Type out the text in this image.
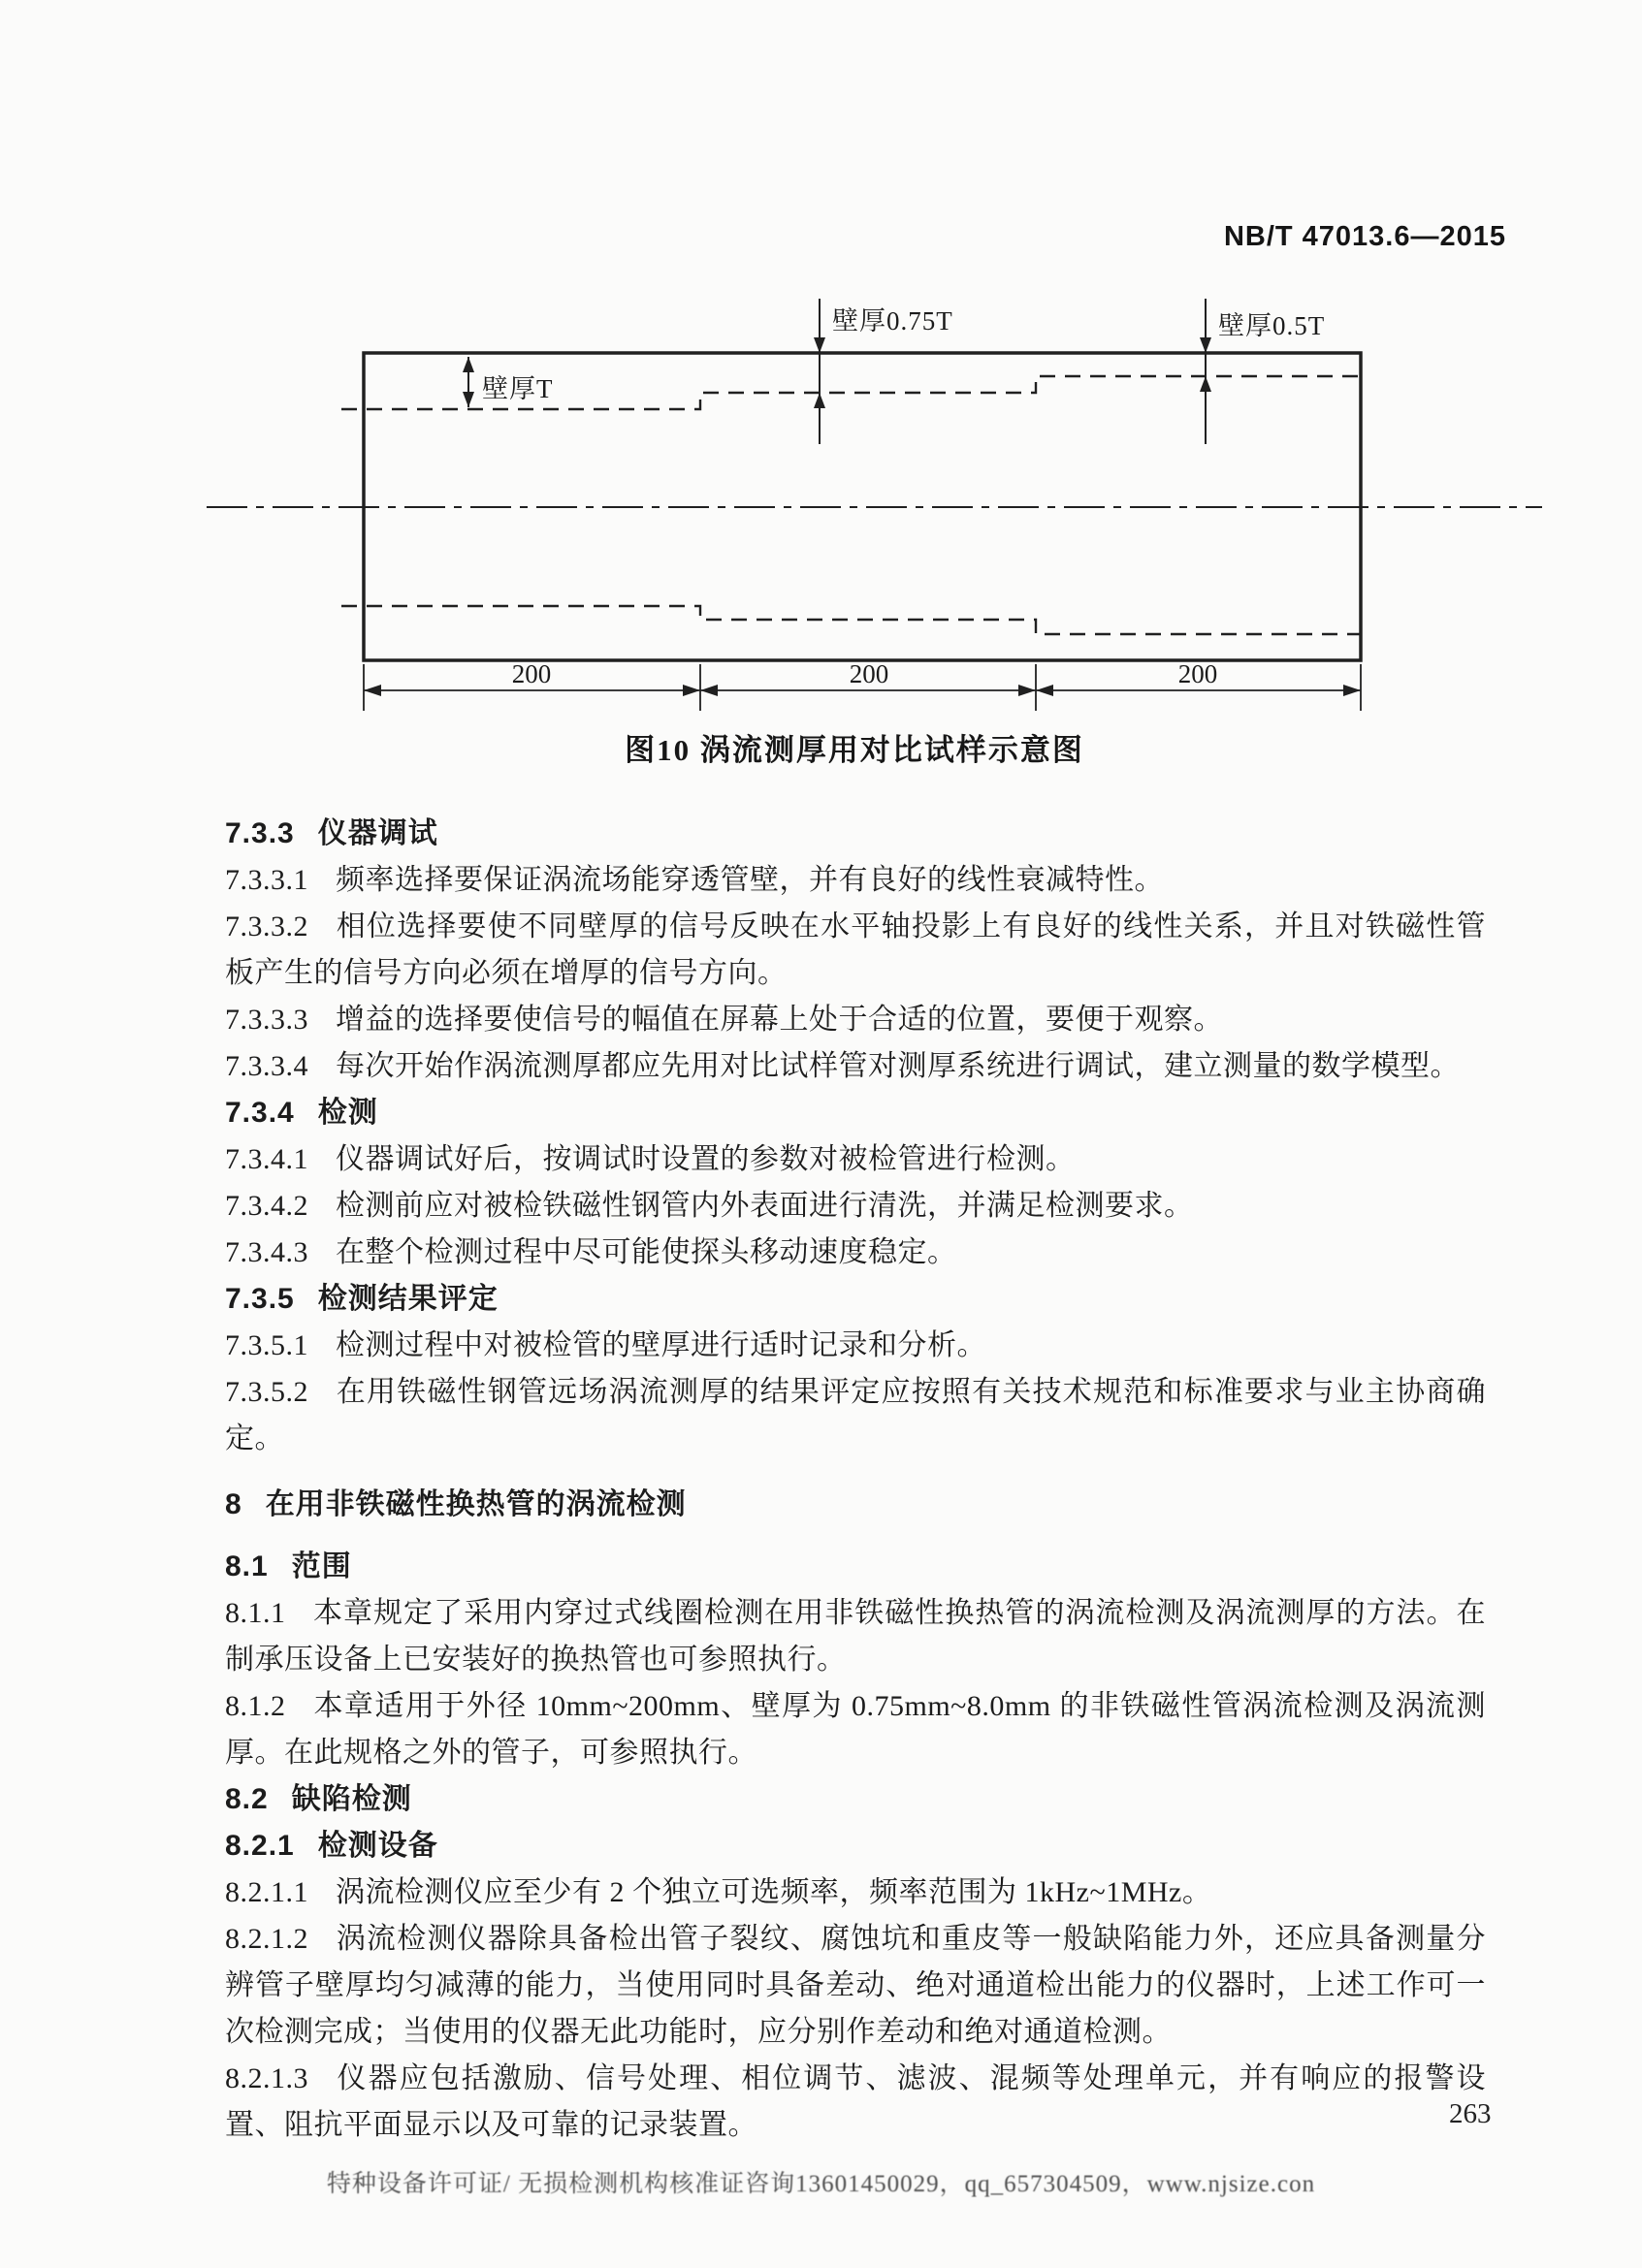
NB/T 47013.6—2015
壁厚T
壁厚0.75T	壁厚0.5T
200	200	200
图10 涡流测厚用对比试样示意图

7.3.3 仪器调试

7.3.3.1 频率选择要保证涡流场能穿透管壁，并有良好的线性衰减特性。

7.3.3.2 相位选择要使不同壁厚的信号反映在水平轴投影上有良好的线性关系，并且对铁磁性管板产生的信号方向必须在增厚的信号方向。

7.3.3.3 增益的选择要使信号的幅值在屏幕上处于合适的位置，要便于观察。

7.3.3.4 每次开始作涡流测厚都应先用对比试样管对测厚系统进行调试，建立测量的数学模型。

7.3.4 检测

7.3.4.1 仪器调试好后，按调试时设置的参数对被检管进行检测。

7.3.4.2 检测前应对被检铁磁性钢管内外表面进行清洗，并满足检测要求。

7.3.4.3 在整个检测过程中尽可能使探头移动速度稳定。

7.3.5 检测结果评定

7.3.5.1 检测过程中对被检管的壁厚进行适时记录和分析。

7.3.5.2 在用铁磁性钢管远场涡流测厚的结果评定应按照有关技术规范和标准要求与业主协商确定。

8 在用非铁磁性换热管的涡流检测

8.1 范围

8.1.1 本章规定了采用内穿过式线圈检测在用非铁磁性换热管的涡流检测及涡流测厚的方法。在制承压设备上已安装好的换热管也可参照执行。

8.1.2 本章适用于外径 10mm~200mm、壁厚为 0.75mm~8.0mm 的非铁磁性管涡流检测及涡流测厚。在此规格之外的管子，可参照执行。

8.2 缺陷检测

8.2.1 检测设备

8.2.1.1 涡流检测仪应至少有 2 个独立可选频率，频率范围为 1kHz~1MHz。

8.2.1.2 涡流检测仪器除具备检出管子裂纹、腐蚀坑和重皮等一般缺陷能力外，还应具备测量分辨管子壁厚均匀减薄的能力，当使用同时具备差动、绝对通道检出能力的仪器时，上述工作可一次检测完成；当使用的仪器无此功能时，应分别作差动和绝对通道检测。

8.2.1.3 仪器应包括激励、信号处理、相位调节、滤波、混频等处理单元，并有响应的报警设置、阻抗平面显示以及可靠的记录装置。	263
特种设备许可证/ 无损检测机构核准证咨询13601450029，qq_657304509，www.njsize.con
